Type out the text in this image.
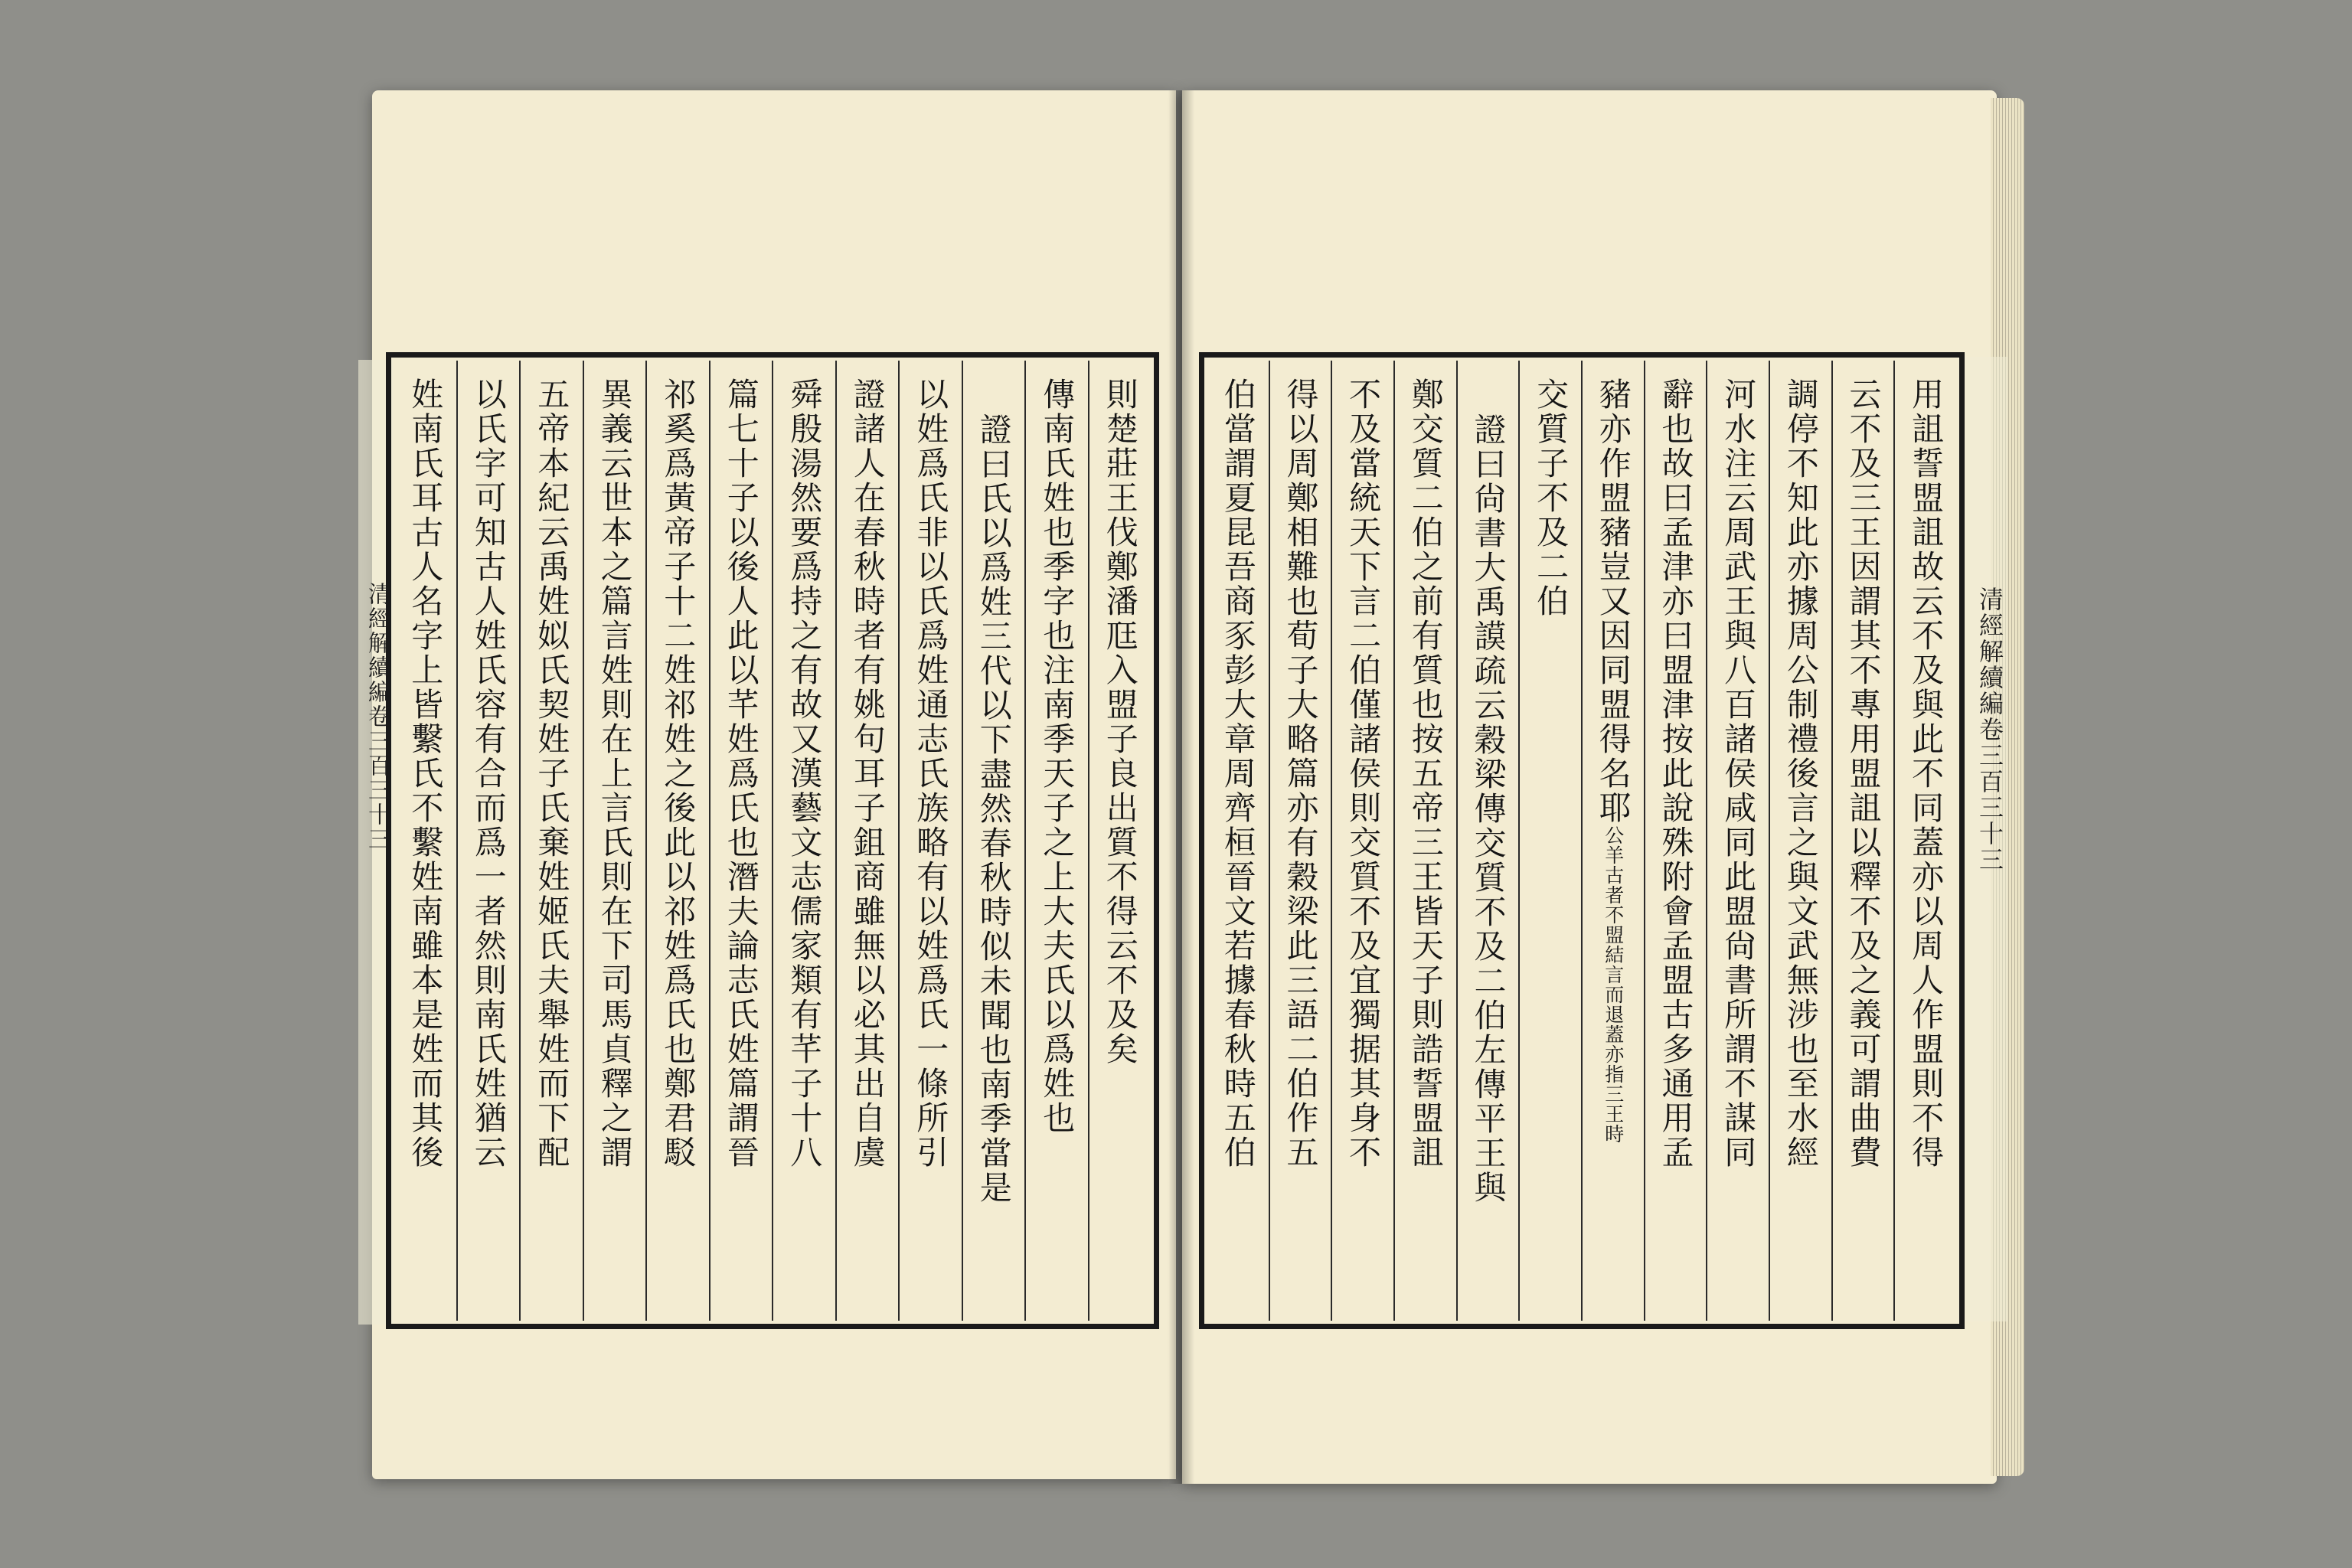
清經解續編卷三百三十三	清經解續編卷三百三十三
則楚莊王伐鄭潘尫入盟子良出質不得云不及矣
傳南氏姓也季字也注南季天子之上大夫氏以爲姓也
證曰氏以爲姓三代以下盡然春秋時似未聞也南季當是
以姓爲氏非以氏爲姓通志氏族略有以姓爲氏一條所引
證諸人在春秋時者有姚句耳子鉏商雖無以必其出自虞
舜殷湯然要爲持之有故又漢藝文志儒家類有芊子十八
篇七十子以後人此以芊姓爲氏也潛夫論志氏姓篇謂晉
祁奚爲黃帝子十二姓祁姓之後此以祁姓爲氏也鄭君駁
異義云世本之篇言姓則在上言氏則在下司馬貞釋之謂
五帝本紀云禹姓姒氏契姓子氏棄姓姬氏夫舉姓而下配
以氏字可知古人姓氏容有合而爲一者然則南氏姓猶云
姓南氏耳古人名字上皆繫氏不繫姓南雖本是姓而其後	用詛誓盟詛故云不及與此不同蓋亦以周人作盟則不得
云不及三王因謂其不專用盟詛以釋不及之義可謂曲費
調停不知此亦據周公制禮後言之與文武無涉也至水經
河水注云周武王與八百諸侯咸同此盟尙書所謂不謀同
辭也故曰孟津亦曰盟津按此說殊附會孟盟古多通用孟
豬亦作盟豬豈又因同盟得名耶公羊古者不盟結言而退蓋亦指三王時
交質子不及二伯
證曰尙書大禹謨疏云穀梁傳交質不及二伯左傳平王與
鄭交質二伯之前有質也按五帝三王皆天子則誥誓盟詛
不及當統天下言二伯僅諸侯則交質不及宜獨据其身不
得以周鄭相難也荀子大略篇亦有穀梁此三語二伯作五
伯當謂夏昆吾商豕彭大章周齊桓晉文若據春秋時五伯
